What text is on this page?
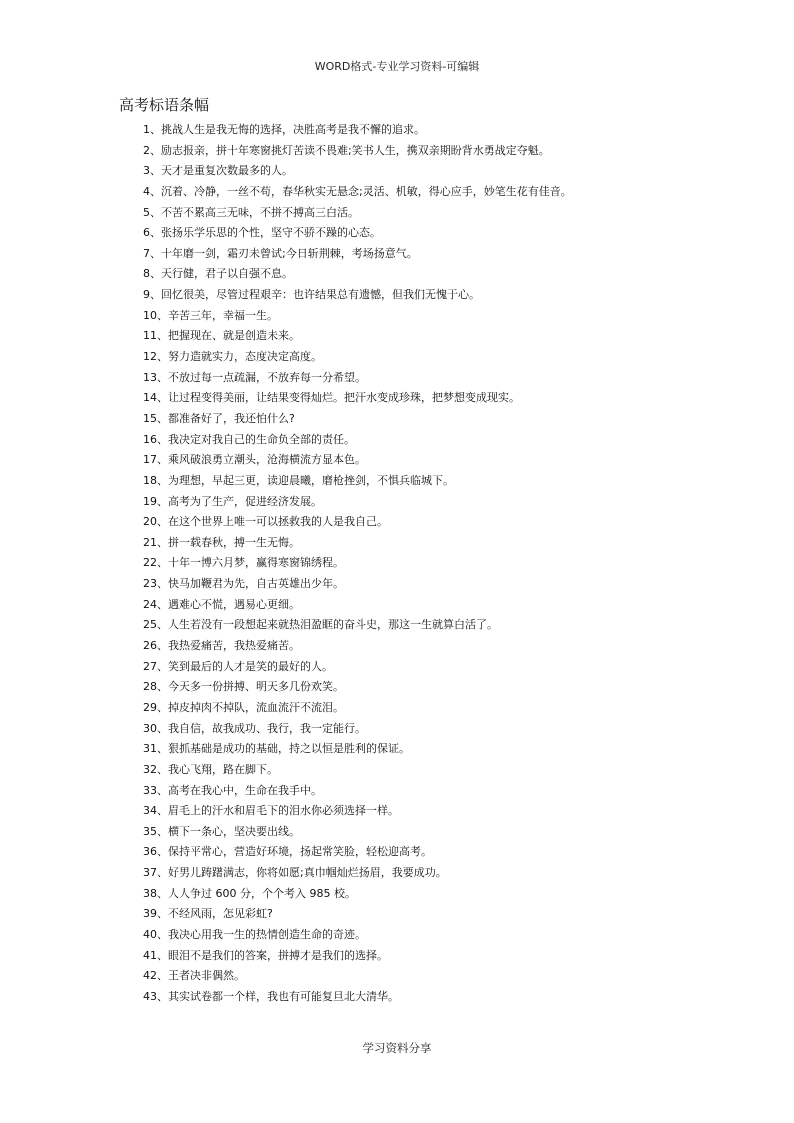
WORD格式-专业学习资料-可编辑
高考标语条幅
1、挑战人生是我无悔的选择，决胜高考是我不懈的追求。
2、励志报亲，拼十年寒窗挑灯苦读不畏难;笑书人生，携双亲期盼背水勇战定夺魁。
3、天才是重复次数最多的人。
4、沉着、冷静，一丝不苟，春华秋实无悬念;灵活、机敏，得心应手，妙笔生花有佳音。
5、不苦不累高三无味，不拼不搏高三白活。
6、张扬乐学乐思的个性，坚守不骄不躁的心态。
7、十年磨一剑，霜刃未曾试;今日斩荆棘，考场扬意气。
8、天行健，君子以自强不息。
9、回忆很美，尽管过程艰辛：也许结果总有遗憾，但我们无愧于心。
10、辛苦三年，幸福一生。
11、把握现在、就是创造未来。
12、努力造就实力，态度决定高度。
13、不放过每一点疏漏，不放弃每一分希望。
14、让过程变得美丽，让结果变得灿烂。把汗水变成珍珠，把梦想变成现实。
15、都准备好了，我还怕什么?
16、我决定对我自己的生命负全部的责任。
17、乘风破浪勇立潮头，沧海横流方显本色。
18、为理想，早起三更，读迎晨曦，磨枪挫剑，不惧兵临城下。
19、高考为了生产，促进经济发展。
20、在这个世界上唯一可以拯救我的人是我自己。
21、拼一载春秋，搏一生无悔。
22、十年一博六月梦，赢得寒窗锦绣程。
23、快马加鞭君为先，自古英雄出少年。
24、遇难心不慌，遇易心更细。
25、人生若没有一段想起来就热泪盈眶的奋斗史，那这一生就算白活了。
26、我热爱痛苦，我热爱痛苦。
27、笑到最后的人才是笑的最好的人。
28、今天多一份拼搏、明天多几份欢笑。
29、掉皮掉肉不掉队，流血流汗不流泪。
30、我自信，故我成功、我行，我一定能行。
31、狠抓基础是成功的基础，持之以恒是胜利的保证。
32、我心飞翔，路在脚下。
33、高考在我心中，生命在我手中。
34、眉毛上的汗水和眉毛下的泪水你必须选择一样。
35、横下一条心，坚决要出线。
36、保持平常心，营造好环境，扬起常笑脸，轻松迎高考。
37、好男儿踌躇满志，你将如愿;真巾帼灿烂扬眉，我要成功。
38、人人争过 600 分，个个考入 985 校。
39、不经风雨，怎见彩虹?
40、我决心用我一生的热情创造生命的奇迹。
41、眼泪不是我们的答案，拼搏才是我们的选择。
42、王者决非偶然。
43、其实试卷都一个样，我也有可能复旦北大清华。
学习资料分享
